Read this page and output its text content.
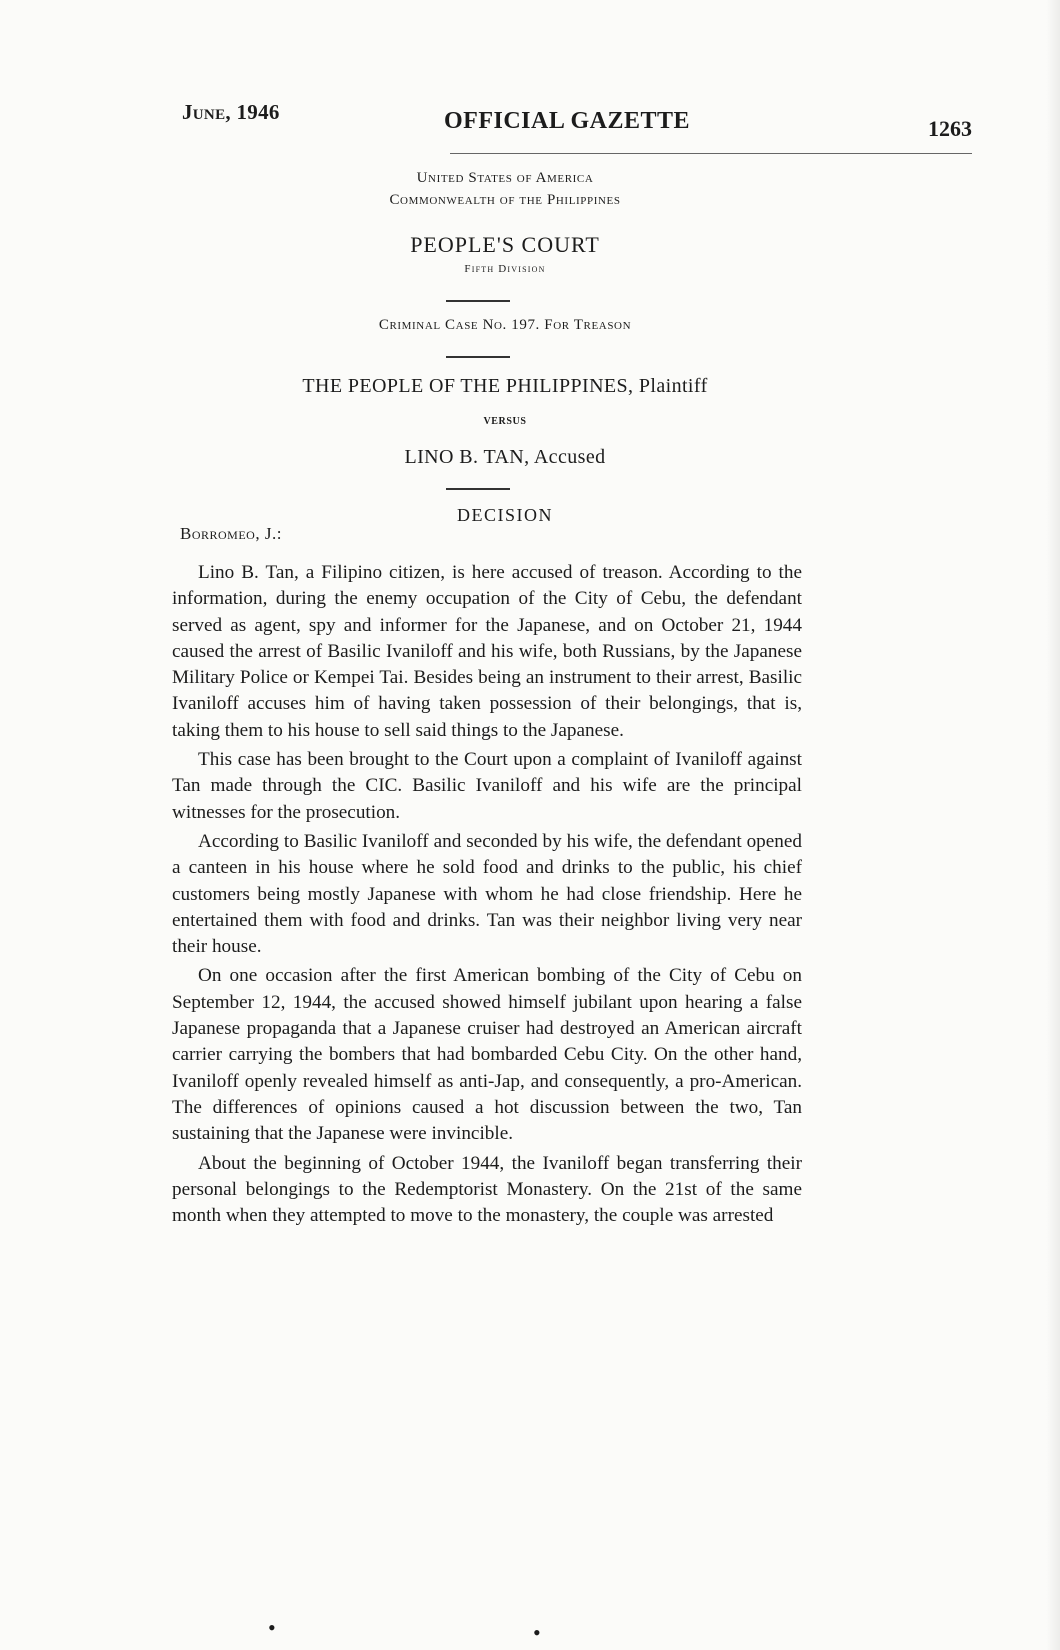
June, 1946	OFFICIAL GAZETTE	1263
United States of America
Commonwealth of the Philippines
PEOPLE'S COURT
Fifth Division
Criminal Case No. 197. For Treason
THE PEOPLE OF THE PHILIPPINES, Plaintiff
versus
LINO B. TAN, Accused
DECISION
Borromeo, J.:

Lino B. Tan, a Filipino citizen, is here accused of treason. According to the information, during the enemy occupation of the City of Cebu, the defendant served as agent, spy and informer for the Japanese, and on October 21, 1944 caused the arrest of Basilic Ivaniloff and his wife, both Russians, by the Japanese Military Police or Kempei Tai. Besides being an instrument to their arrest, Basilic Ivaniloff accuses him of having taken possession of their belongings, that is, taking them to his house to sell said things to the Japanese.

This case has been brought to the Court upon a complaint of Ivaniloff against Tan made through the CIC. Basilic Ivaniloff and his wife are the principal witnesses for the prosecution.

According to Basilic Ivaniloff and seconded by his wife, the defendant opened a canteen in his house where he sold food and drinks to the public, his chief customers being mostly Japanese with whom he had close friendship. Here he entertained them with food and drinks. Tan was their neighbor living very near their house.

On one occasion after the first American bombing of the City of Cebu on September 12, 1944, the accused showed himself jubilant upon hearing a false Japanese propaganda that a Japanese cruiser had destroyed an American aircraft carrier carrying the bombers that had bombarded Cebu City. On the other hand, Ivaniloff openly revealed himself as anti-Jap, and consequently, a pro-American. The differences of opinions caused a hot discussion between the two, Tan sustaining that the Japanese were invincible.

About the beginning of October 1944, the Ivaniloff began transferring their personal belongings to the Redemptorist Monastery. On the 21st of the same month when they attempted to move to the monastery, the couple was arrested

•	•
